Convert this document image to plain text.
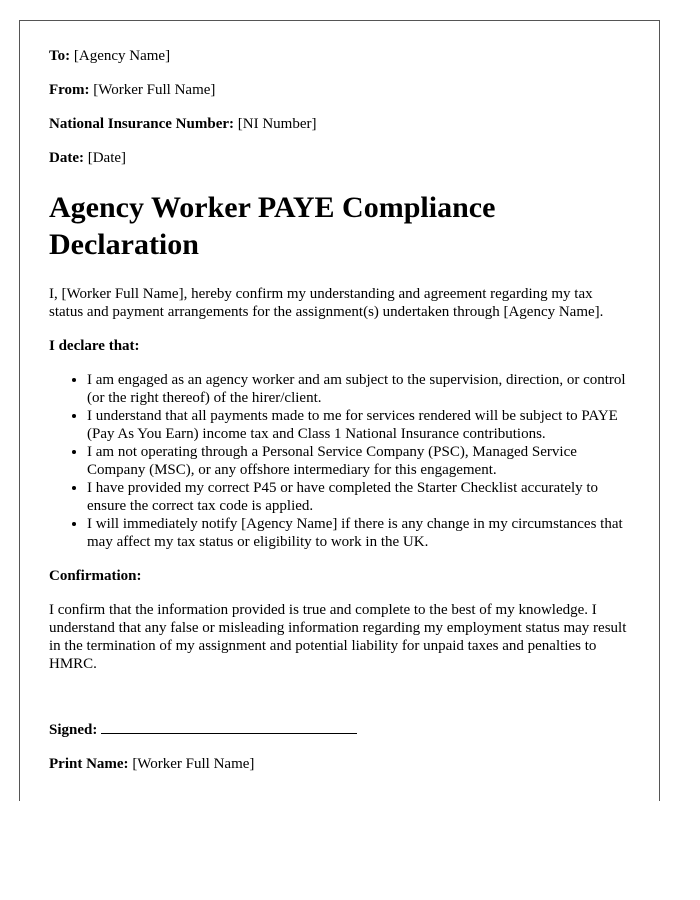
To: [Agency Name]
From: [Worker Full Name]
National Insurance Number: [NI Number]
Date: [Date]
Agency Worker PAYE Compliance Declaration

I, [Worker Full Name], hereby confirm my understanding and agreement regarding my tax status and payment arrangements for the assignment(s) undertaken through [Agency Name].

I declare that:
• I am engaged as an agency worker and am subject to the supervision, direction, or control (or the right thereof) of the hirer/client.
• I understand that all payments made to me for services rendered will be subject to PAYE (Pay As You Earn) income tax and Class 1 National Insurance contributions.
• I am not operating through a Personal Service Company (PSC), Managed Service Company (MSC), or any offshore intermediary for this engagement.
• I have provided my correct P45 or have completed the Starter Checklist accurately to ensure the correct tax code is applied.
• I will immediately notify [Agency Name] if there is any change in my circumstances that may affect my tax status or eligibility to work in the UK.
Confirmation:

I confirm that the information provided is true and complete to the best of my knowledge. I understand that any false or misleading information regarding my employment status may result in the termination of my assignment and potential liability for unpaid taxes and penalties to HMRC.

Signed:
Print Name: [Worker Full Name]
